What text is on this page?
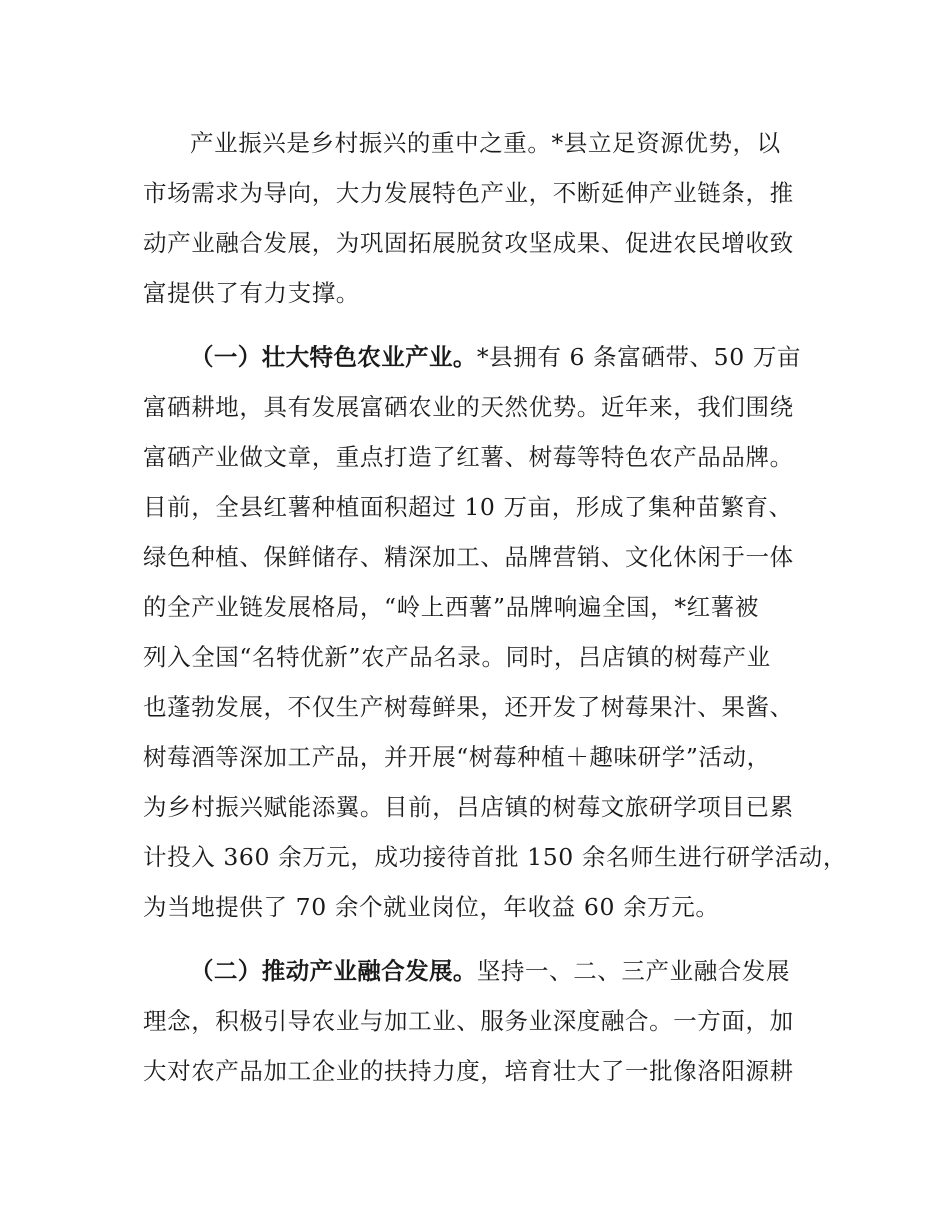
产业振兴是乡村振兴的重中之重。*县立足资源优势，以
市场需求为导向，大力发展特色产业，不断延伸产业链条，推
动产业融合发展，为巩固拓展脱贫攻坚成果、促进农民增收致
富提供了有力支撑。
（一）壮大特色农业产业。*县拥有 6 条富硒带、50 万亩
富硒耕地，具有发展富硒农业的天然优势。近年来，我们围绕
富硒产业做文章，重点打造了红薯、树莓等特色农产品品牌。
目前，全县红薯种植面积超过 10 万亩，形成了集种苗繁育、
绿色种植、保鲜储存、精深加工、品牌营销、文化休闲于一体
的全产业链发展格局，“岭上西薯”品牌响遍全国，*红薯被
列入全国“名特优新”农产品名录。同时，吕店镇的树莓产业
也蓬勃发展，不仅生产树莓鲜果，还开发了树莓果汁、果酱、
树莓酒等深加工产品，并开展“树莓种植＋趣味研学”活动，
为乡村振兴赋能添翼。目前，吕店镇的树莓文旅研学项目已累
计投入 360 余万元，成功接待首批 150 余名师生进行研学活动，
为当地提供了 70 余个就业岗位，年收益 60 余万元。
（二）推动产业融合发展。坚持一、二、三产业融合发展
理念，积极引导农业与加工业、服务业深度融合。一方面，加
大对农产品加工企业的扶持力度，培育壮大了一批像洛阳源耕
